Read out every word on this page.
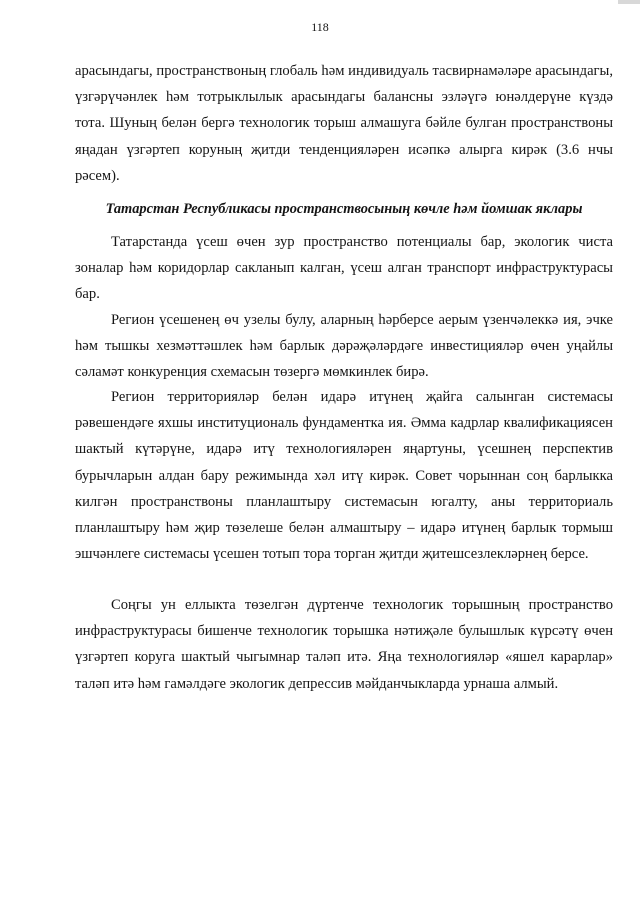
118

арасындагы, пространствоның глобаль һәм индивидуаль тасвирнамәләре арасындагы, үзгәрүчәнлек һәм тотрыклылык арасындагы балансны эзләүгә юнәлдерүне күздә тота. Шуның белән бергә технологик торыш алмашуга бәйле булган пространствоны яңадан үзгәртеп коруның җитди тенденцияләрен исәпкә алырга кирәк (3.6 нчы рәсем).

Татарстан Республикасы пространствосының көчле һәм йомшак яклары

Татарстанда үсеш өчен зур пространство потенциалы бар, экологик чиста зоналар һәм коридорлар сакланып калган, үсеш алган транспорт инфраструктурасы бар.

Регион үсешенең өч узелы булу, аларның һәрберсе аерым үзенчәлеккә ия, эчке һәм тышкы хезмәттәшлек һәм барлык дәрәҗәләрдәге инвестицияләр өчен уңайлы сәламәт конкуренция схемасын төзергә мөмкинлек бирә.

Регион территорияләр белән идарә итүнең җайга салынган системасы рәвешендәге яхшы институциональ фундаментка ия. Әмма кадрлар квалификациясен шактый күтәрүне, идарә итү технологияләрен яңартуны, үсешнең перспектив бурычларын алдан бару режимында хәл итү кирәк. Совет чорыннан соң барлыкка килгән пространствоны планлаштыру системасын югалту, аны территориаль планлаштыру һәм җир төзелеше белән алмаштыру – идарә итүнең барлык тормыш эшчәнлеге системасы үсешен тотып тора торган җитди җитешсезлекләрнең берсе.

Соңгы ун еллыкта төзелгән дүртенче технологик торышның пространство инфраструктурасы бишенче технологик торышка нәтиҗәле булышлык күрсәтү өчен үзгәртеп коруга шактый чыгымнар таләп итә. Яңа технологияләр «яшел карарлар» таләп итә һәм гамәлдәге экологик депрессив мәйданчыкларда урнаша алмый.
